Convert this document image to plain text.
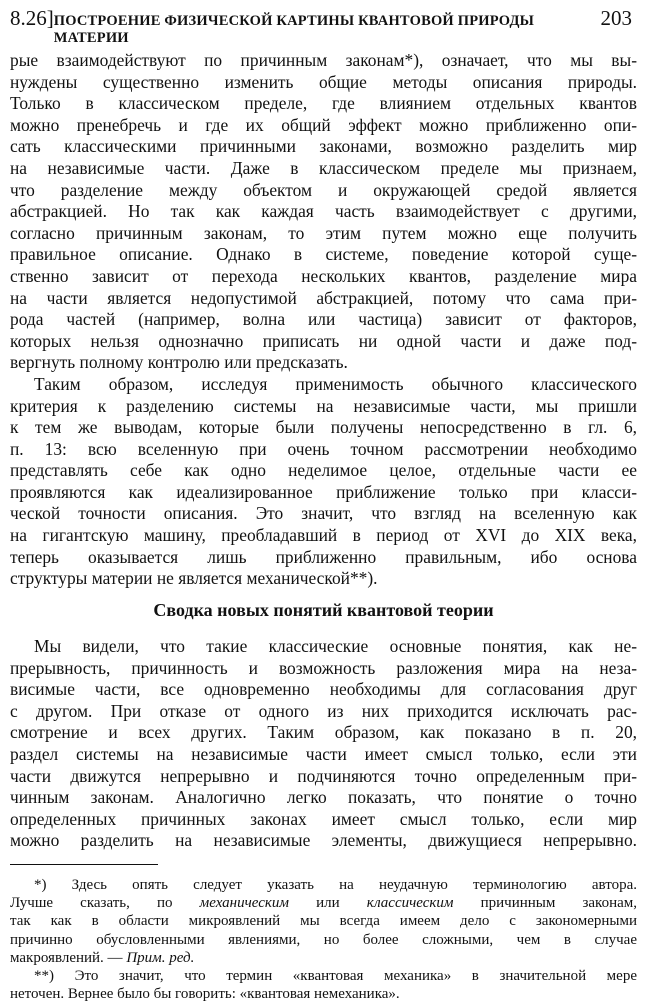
8.26] ПОСТРОЕНИЕ ФИЗИЧЕСКОЙ КАРТИНЫ КВАНТОВОЙ ПРИРОДЫ МАТЕРИИ
203
рые взаимодействуют по причинным законам*), означает, что мы вы-
нуждены существенно изменить общие методы описания природы.
Только в классическом пределе, где влиянием отдельных квантов
можно пренебречь и где их общий эффект можно приближенно опи-
сать классическими причинными законами, возможно разделить мир
на независимые части. Даже в классическом пределе мы признаем,
что разделение между объектом и окружающей средой является
абстракцией. Но так как каждая часть взаимодействует с другими,
согласно причинным законам, то этим путем можно еще получить
правильное описание. Однако в системе, поведение которой суще-
ственно зависит от перехода нескольких квантов, разделение мира
на части является недопустимой абстракцией, потому что сама при-
рода частей (например, волна или частица) зависит от факторов,
которых нельзя однозначно приписать ни одной части и даже под-
вергнуть полному контролю или предсказать.
Таким образом, исследуя применимость обычного классического
критерия к разделению системы на независимые части, мы пришли
к тем же выводам, которые были получены непосредственно в гл. 6,
п. 13: всю вселенную при очень точном рассмотрении необходимо
представлять себе как одно неделимое целое, отдельные части ее
проявляются как идеализированное приближение только при класси-
ческой точности описания. Это значит, что взгляд на вселенную как
на гигантскую машину, преобладавший в период от XVI до XIX века,
теперь оказывается лишь приближенно правильным, ибо основа
структуры материи не является механической**).
Сводка новых понятий квантовой теории
Мы видели, что такие классические основные понятия, как не-
прерывность, причинность и возможность разложения мира на неза-
висимые части, все одновременно необходимы для согласования друг
с другом. При отказе от одного из них приходится исключать рас-
смотрение и всех других. Таким образом, как показано в п. 20,
раздел системы на независимые части имеет смысл только, если эти
части движутся непрерывно и подчиняются точно определенным при-
чинным законам. Аналогично легко показать, что понятие о точно
определенных причинных законах имеет смысл только, если мир
можно разделить на независимые элементы, движущиеся непрерывно.
*) Здесь опять следует указать на неудачную терминологию автора.
Лучше сказать, по механическим или классическим причинным законам,
так как в области микроявлений мы всегда имеем дело с закономерными
причинно обусловленными явлениями, но более сложными, чем в случае
макроявлений. — Прим. ред.
**) Это значит, что термин «квантовая механика» в значительной мере
неточен. Вернее было бы говорить: «квантовая немеханика».
